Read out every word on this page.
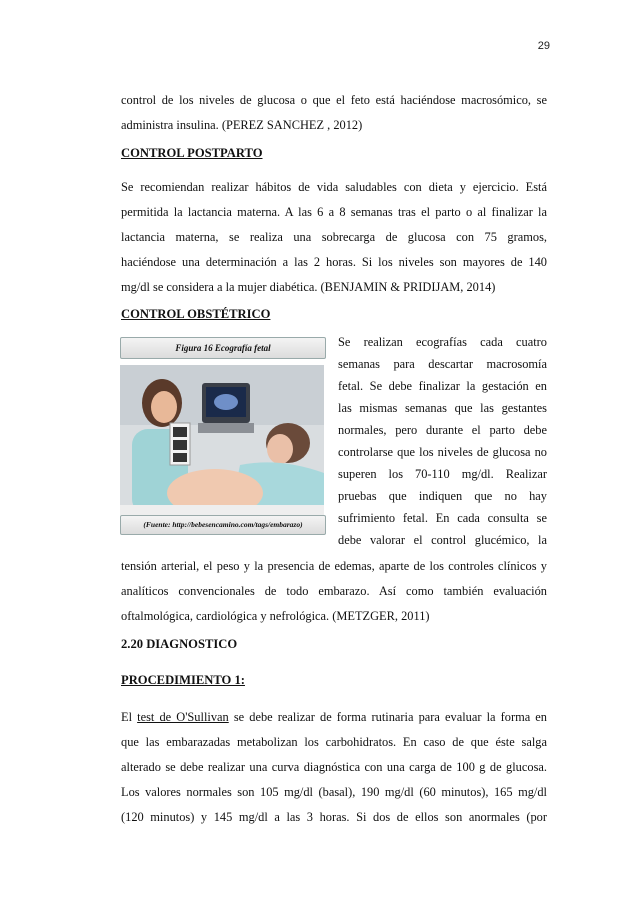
29

control de los niveles de glucosa o que el feto está haciéndose macrosómico, se

administra insulina. (PEREZ SANCHEZ , 2012)

CONTROL POSTPARTO

Se recomiendan realizar hábitos de vida saludables con dieta y ejercicio. Está

permitida la lactancia materna. A las 6 a 8 semanas tras el parto o al finalizar la

lactancia materna, se realiza una sobrecarga de glucosa con 75 gramos,

haciéndose una determinación a las 2 horas. Si los niveles son mayores de 140

mg/dl se considera a la mujer diabética. (BENJAMIN & PRIDIJAM, 2014)

CONTROL OBSTÉTRICO

Figura 16 Ecografía fetal
(Fuente: http://bebesencamino.com/tags/embarazo)
Se realizan ecografías cada cuatro
semanas para descartar macrosomía
fetal. Se debe finalizar la gestación en
las mismas semanas que las gestantes
normales, pero durante el parto debe
controlarse que los niveles de glucosa no
superen los 70-110 mg/dl. Realizar
pruebas que indiquen que no hay
sufrimiento fetal. En cada consulta se
debe valorar el control glucémico, la

tensión arterial, el peso y la presencia de edemas, aparte de los controles clínicos y

analíticos convencionales de todo embarazo. Así como también evaluación

oftalmológica, cardiológica y nefrológica. (METZGER, 2011)

2.20 DIAGNOSTICO

PROCEDIMIENTO 1:

El test de O'Sullivan se debe realizar de forma rutinaria para evaluar la forma en

que las embarazadas metabolizan los carbohidratos. En caso de que éste salga

alterado se debe realizar una curva diagnóstica con una carga de 100 g de glucosa.

Los valores normales son 105 mg/dl (basal), 190 mg/dl (60 minutos), 165 mg/dl

(120 minutos) y 145 mg/dl a las 3 horas. Si dos de ellos son anormales (por
